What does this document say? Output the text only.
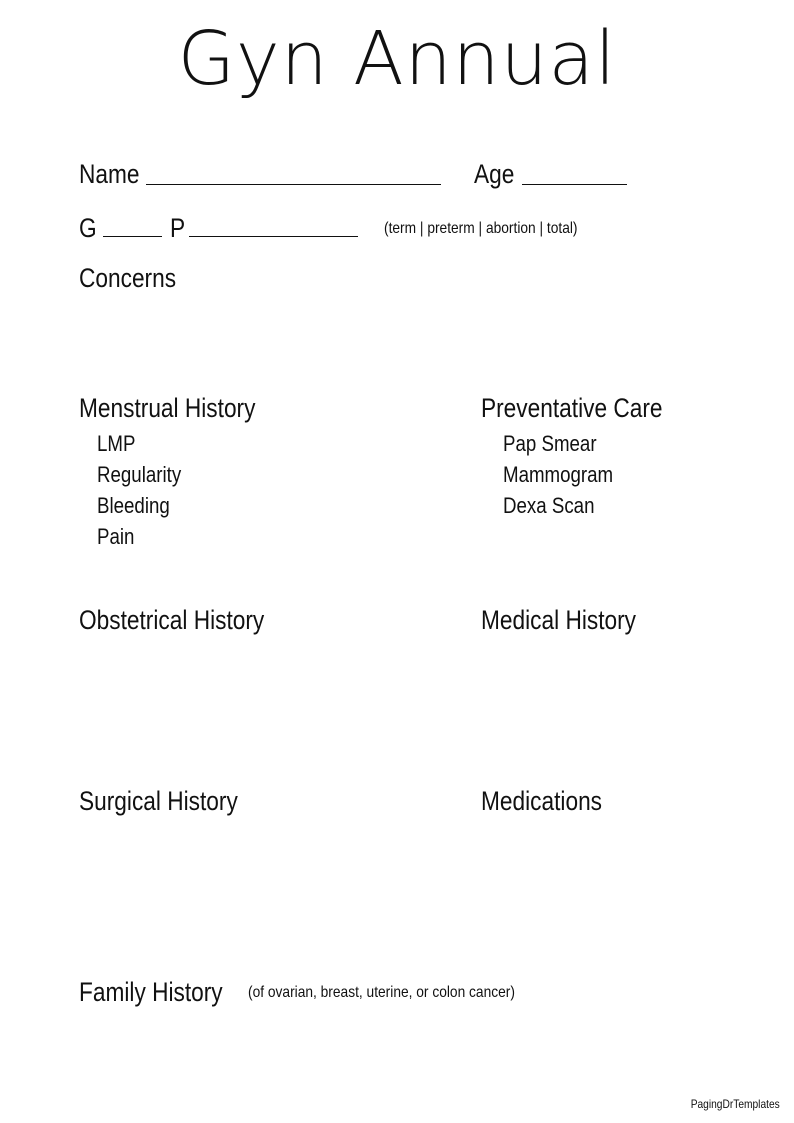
Gyn Annual
Name	Age
G	P	(term | preterm | abortion | total)
Concerns
Menstrual History
LMP
Regularity
Bleeding
Pain
Preventative Care
Pap Smear
Mammogram
Dexa Scan
Obstetrical History	Medical History
Surgical History	Medications
Family History (of ovarian, breast, uterine, or colon cancer)
PagingDrTemplates
